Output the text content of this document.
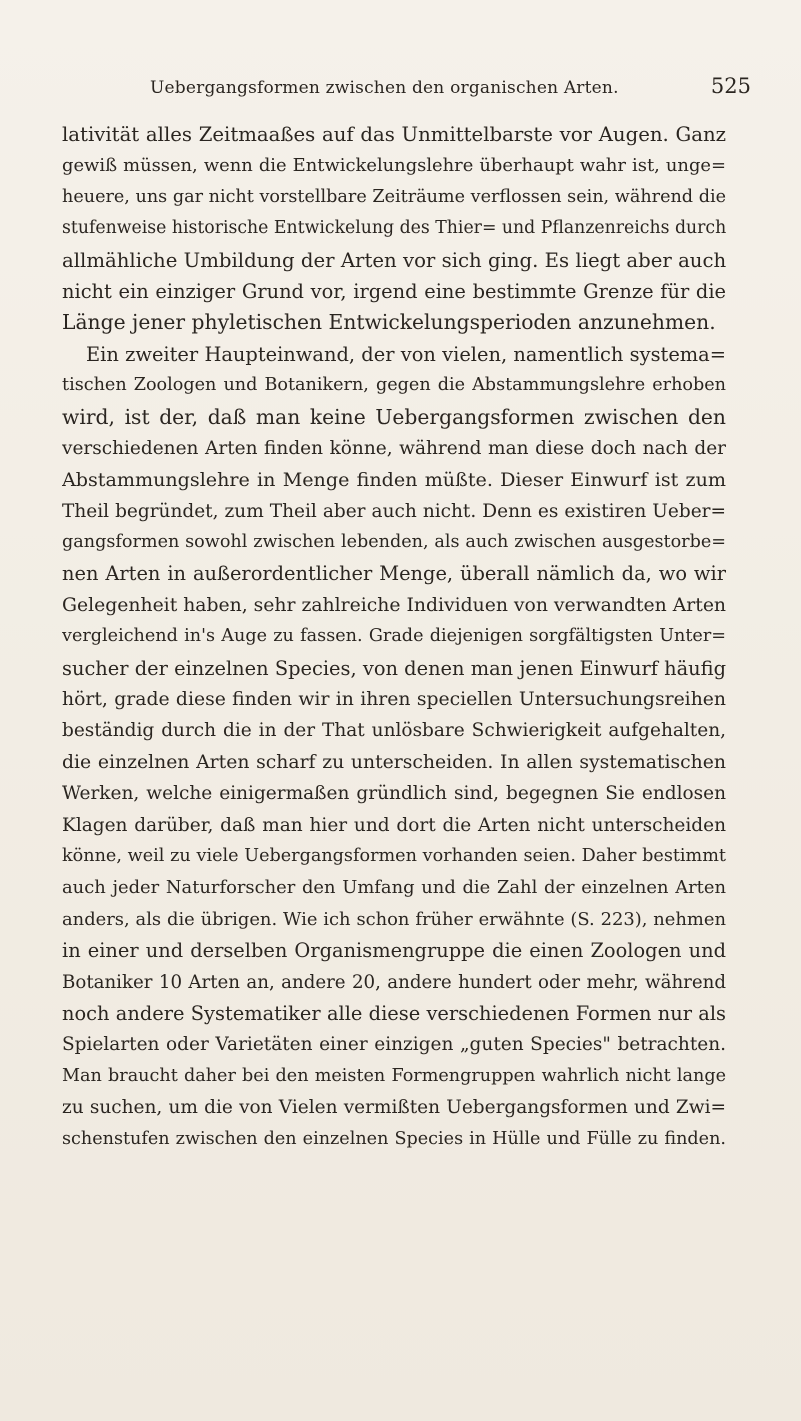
Uebergangsformen zwischen den organischen Arten.	525
lativität alles Zeitmaaßes auf das Unmittelbarste vor Augen. Ganz
gewiß müssen, wenn die Entwickelungslehre überhaupt wahr ist, unge=
heuere, uns gar nicht vorstellbare Zeiträume verflossen sein, während die
stufenweise historische Entwickelung des Thier= und Pflanzenreichs durch
allmähliche Umbildung der Arten vor sich ging. Es liegt aber auch
nicht ein einziger Grund vor, irgend eine bestimmte Grenze für die
Länge jener phyletischen Entwickelungsperioden anzunehmen.
Ein zweiter Haupteinwand, der von vielen, namentlich systema=
tischen Zoologen und Botanikern, gegen die Abstammungslehre erhoben
wird, ist der, daß man keine Uebergangsformen zwischen den
verschiedenen Arten finden könne, während man diese doch nach der
Abstammungslehre in Menge finden müßte. Dieser Einwurf ist zum
Theil begründet, zum Theil aber auch nicht. Denn es existiren Ueber=
gangsformen sowohl zwischen lebenden, als auch zwischen ausgestorbe=
nen Arten in außerordentlicher Menge, überall nämlich da, wo wir
Gelegenheit haben, sehr zahlreiche Individuen von verwandten Arten
vergleichend in's Auge zu fassen. Grade diejenigen sorgfältigsten Unter=
sucher der einzelnen Species, von denen man jenen Einwurf häufig
hört, grade diese finden wir in ihren speciellen Untersuchungsreihen
beständig durch die in der That unlösbare Schwierigkeit aufgehalten,
die einzelnen Arten scharf zu unterscheiden. In allen systematischen
Werken, welche einigermaßen gründlich sind, begegnen Sie endlosen
Klagen darüber, daß man hier und dort die Arten nicht unterscheiden
könne, weil zu viele Uebergangsformen vorhanden seien. Daher bestimmt
auch jeder Naturforscher den Umfang und die Zahl der einzelnen Arten
anders, als die übrigen. Wie ich schon früher erwähnte (S. 223), nehmen
in einer und derselben Organismengruppe die einen Zoologen und
Botaniker 10 Arten an, andere 20, andere hundert oder mehr, während
noch andere Systematiker alle diese verschiedenen Formen nur als
Spielarten oder Varietäten einer einzigen „guten Species" betrachten.
Man braucht daher bei den meisten Formengruppen wahrlich nicht lange
zu suchen, um die von Vielen vermißten Uebergangsformen und Zwi=
schenstufen zwischen den einzelnen Species in Hülle und Fülle zu finden.
